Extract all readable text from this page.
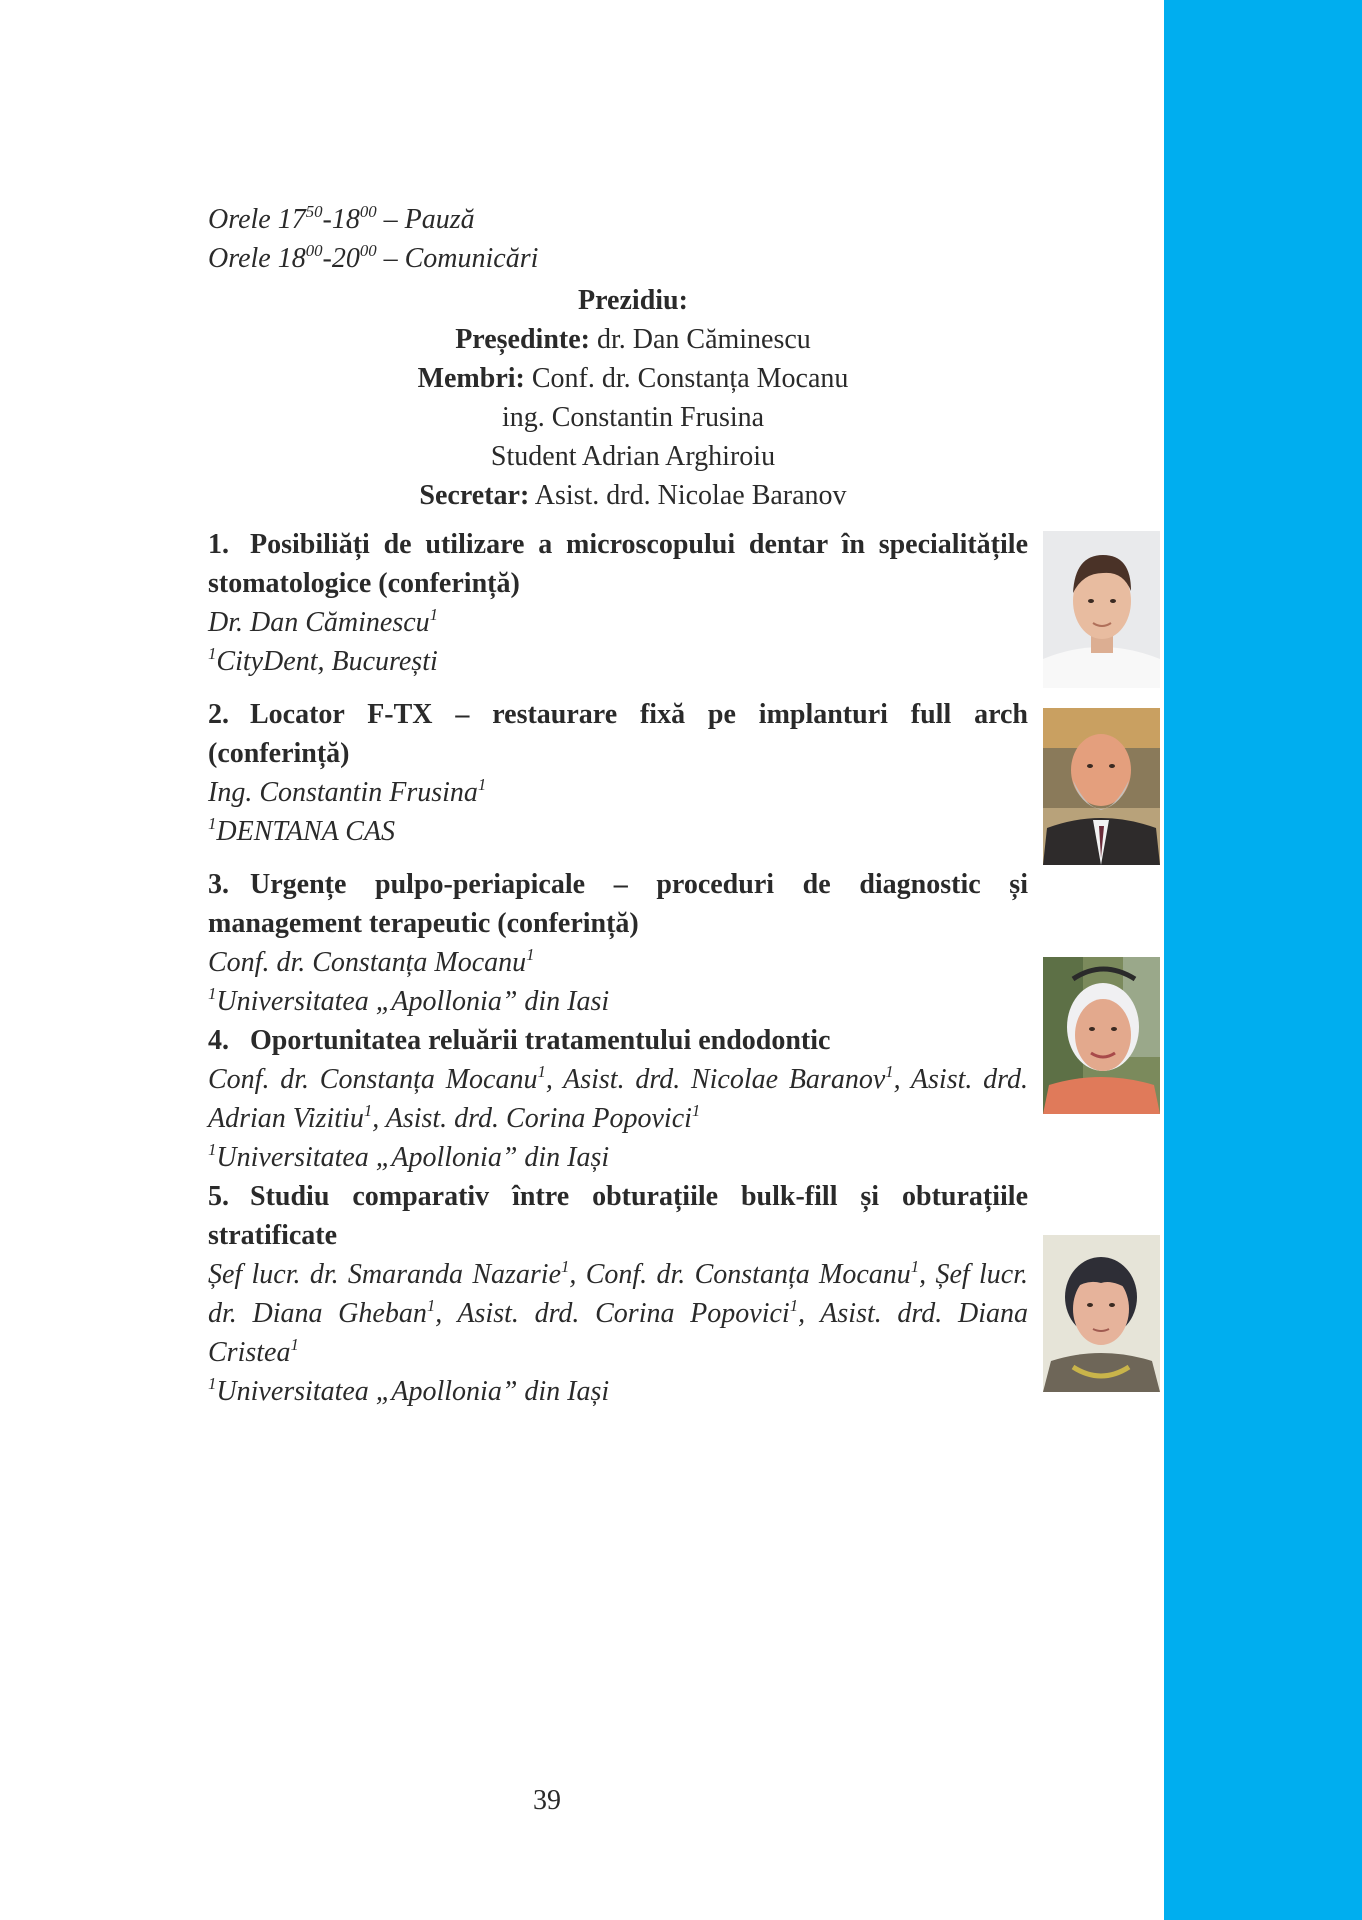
Orele $17^{50}-18^{00}$ – Pauză

Orele $18^{00}-20^{00}$ – Comunicări

Prezidiu:

Președinte: dr. Dan Căminescu

Membri: Conf. dr. Constanța Mocanu

ing. Constantin Frusina

Student Adrian Arghiroiu

Secretar: Asist. drd. Nicolae Baranov

1. Posibiliăți de utilizare a microscopului dentar în specialitățile stomatologice (conferință)

Dr. Dan Căminescu$^1$

$^1$CityDent, București

2. Locator F-TX – restaurare fixă pe implanturi full arch (conferință)

Ing. Constantin Frusina$^1$

$^1$DENTANA CAS

3. Urgențe pulpo-periapicale – proceduri de diagnostic și management terapeutic (conferință)

Conf. dr. Constanța Mocanu$^1$

$^1$Universitatea „Apollonia” din Iasi

4. Oportunitatea reluării tratamentului endodontic

Conf. dr. Constanța Mocanu$^1$, Asist. drd. Nicolae Baranov$^1$, Asist. drd. Adrian Vizitiu$^1$, Asist. drd. Corina Popovici$^1$

$^1$Universitatea „Apollonia” din Iași

5. Studiu comparativ între obturațiile bulk-fill și obturațiile stratificate

Șef lucr. dr. Smaranda Nazarie$^1$, Conf. dr. Constanța Mocanu$^1$, Șef lucr. dr. Diana Gheban$^1$, Asist. drd. Corina Popovici$^1$, Asist. drd. Diana Cristea$^1$

$^1$Universitatea „Apollonia” din Iași

39
